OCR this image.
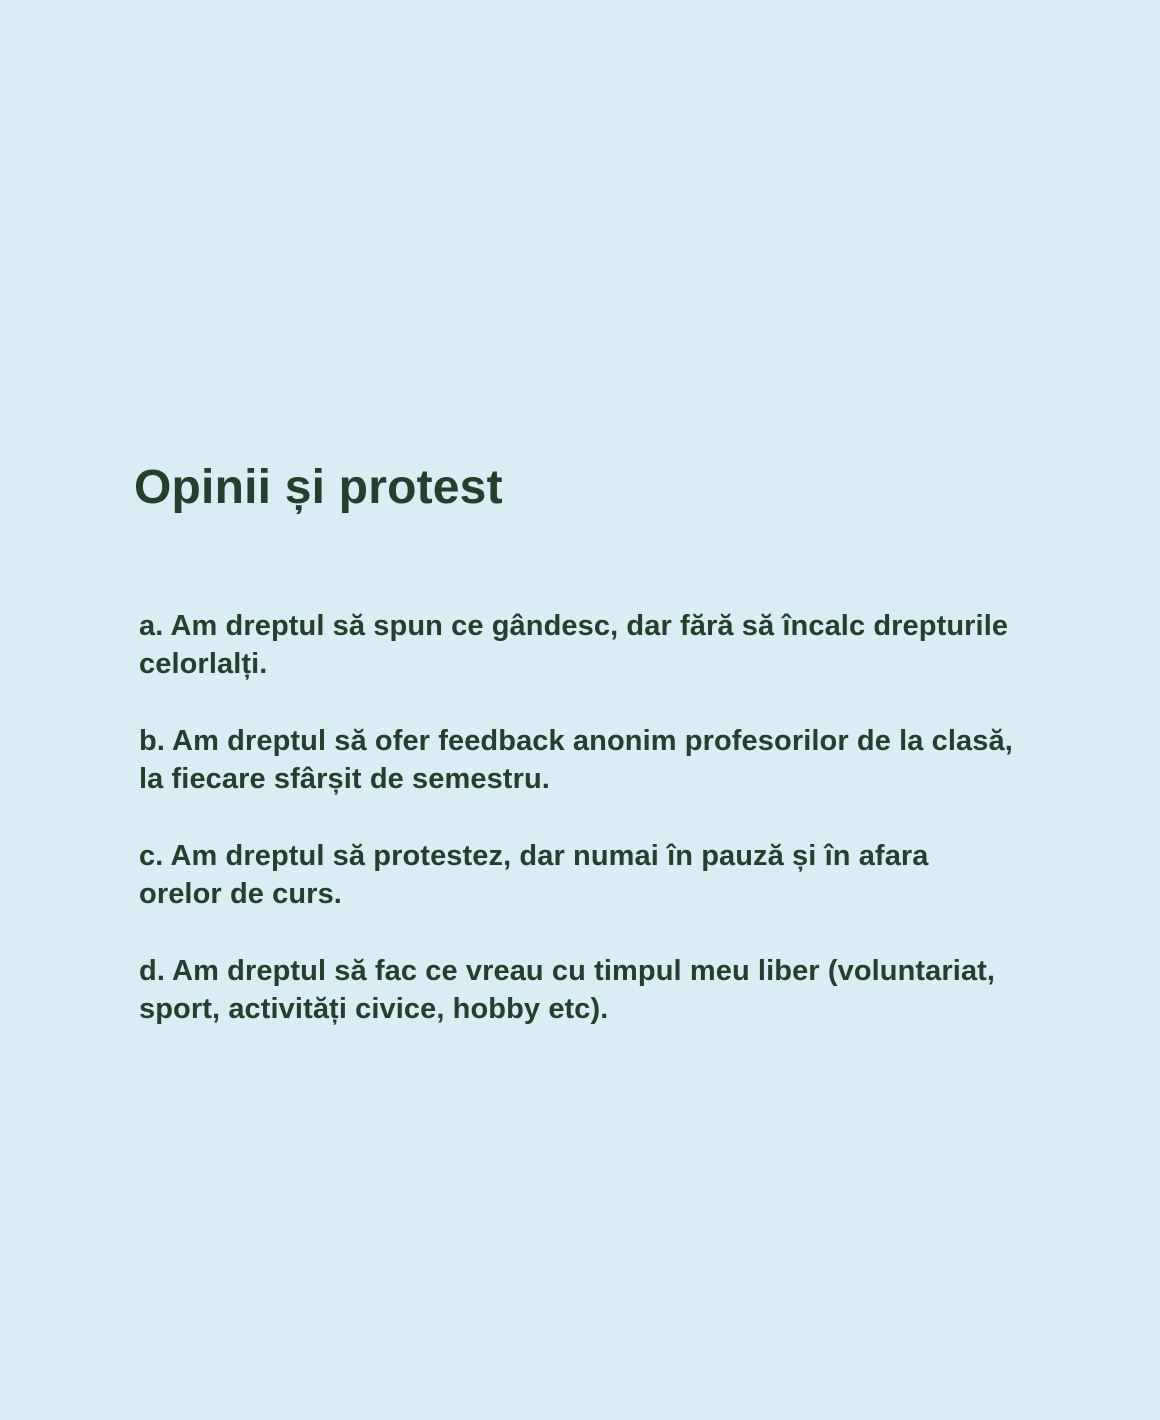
Opinii și protest
a. Am dreptul să spun ce gândesc, dar fără să încalc drepturile celorlalți.
b. Am dreptul să ofer feedback anonim profesorilor de la clasă, la fiecare sfârșit de semestru.
c. Am dreptul să protestez, dar numai în pauză și în afara orelor de curs.
d. Am dreptul să fac ce vreau cu timpul meu liber (voluntariat, sport, activități civice, hobby etc).
